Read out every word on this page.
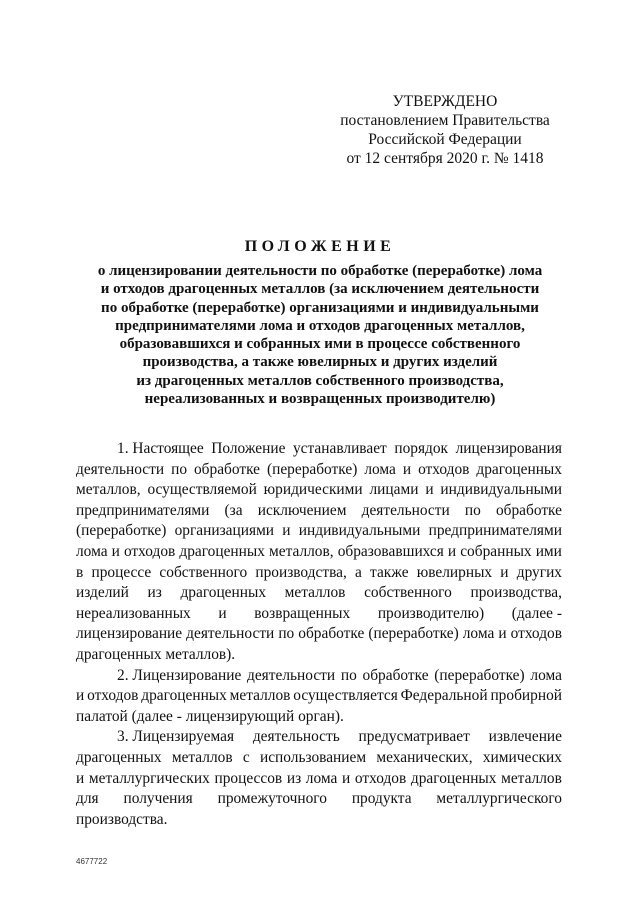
УТВЕРЖДЕНО
постановлением Правительства
Российской Федерации
от 12 сентября 2020 г. № 1418
ПОЛОЖЕНИЕ
о лицензировании деятельности по обработке (переработке) лома
и отходов драгоценных металлов (за исключением деятельности
по обработке (переработке) организациями и индивидуальными
предпринимателями лома и отходов драгоценных металлов,
образовавшихся и собранных ими в процессе собственного
производства, а также ювелирных и других изделий
из драгоценных металлов собственного производства,
нереализованных и возвращенных производителю)
1. Настоящее Положение устанавливает порядок лицензирования
деятельности по обработке (переработке) лома и отходов драгоценных
металлов, осуществляемой юридическими лицами и индивидуальными
предпринимателями (за исключением деятельности по обработке
(переработке) организациями и индивидуальными предпринимателями
лома и отходов драгоценных металлов, образовавшихся и собранных ими
в процессе собственного производства, а также ювелирных и других
изделий из драгоценных металлов собственного производства,
нереализованных и возвращенных производителю) (далее -
лицензирование деятельности по обработке (переработке) лома и отходов
драгоценных металлов).
2. Лицензирование деятельности по обработке (переработке) лома
и отходов драгоценных металлов осуществляется Федеральной пробирной
палатой (далее - лицензирующий орган).
3. Лицензируемая деятельность предусматривает извлечение
драгоценных металлов с использованием механических, химических
и металлургических процессов из лома и отходов драгоценных металлов
для получения промежуточного продукта металлургического
производства.
4677722
